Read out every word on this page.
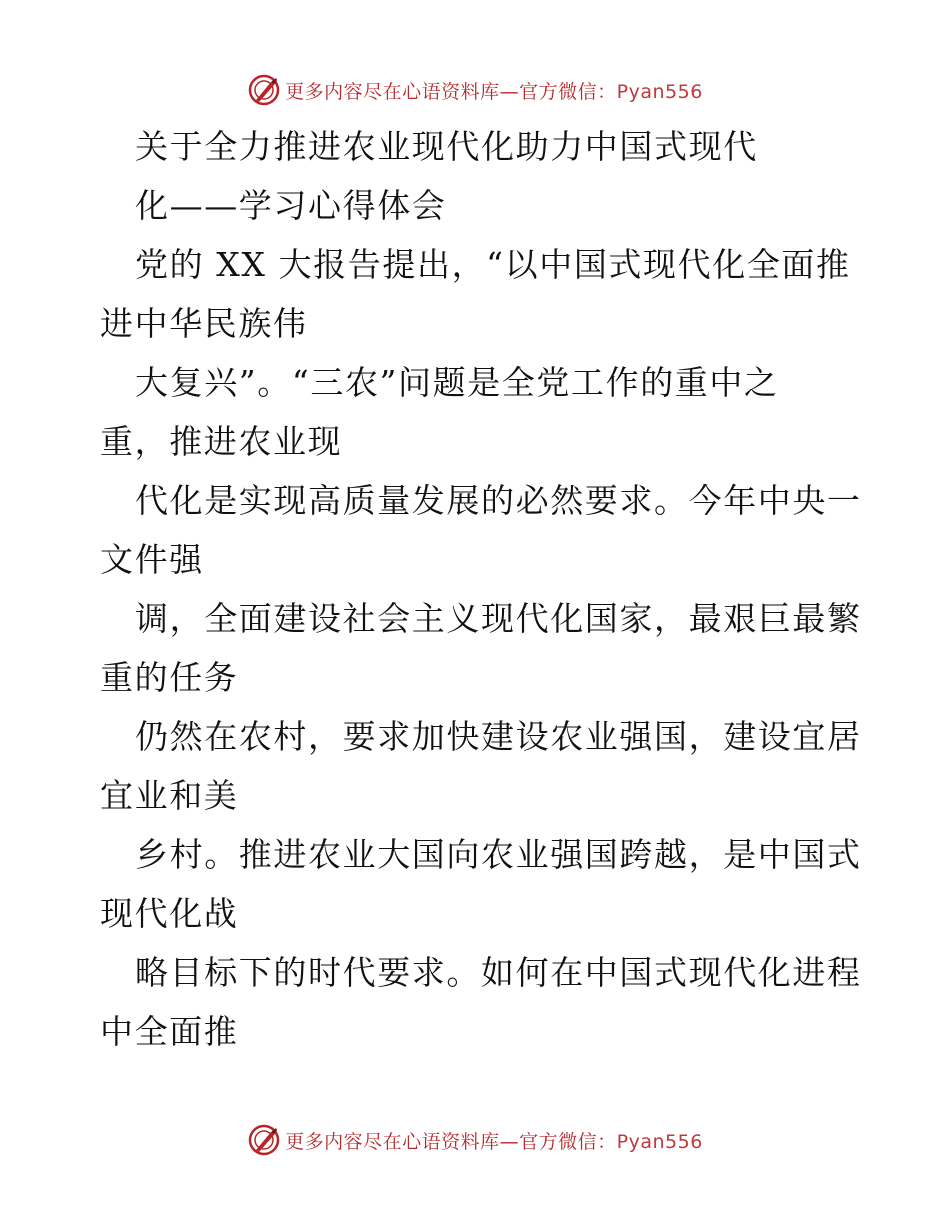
更多内容尽在心语资料库—官方微信：Pyan556
关于全力推进农业现代化助力中国式现代
化——学习心得体会
党的 XX 大报告提出，“以中国式现代化全面推
进中华民族伟
大复兴”。“三农”问题是全党工作的重中之
重，推进农业现
代化是实现高质量发展的必然要求。今年中央一
文件强
调，全面建设社会主义现代化国家，最艰巨最繁
重的任务
仍然在农村，要求加快建设农业强国，建设宜居
宜业和美
乡村。推进农业大国向农业强国跨越，是中国式
现代化战
略目标下的时代要求。如何在中国式现代化进程
中全面推
更多内容尽在心语资料库—官方微信：Pyan556
